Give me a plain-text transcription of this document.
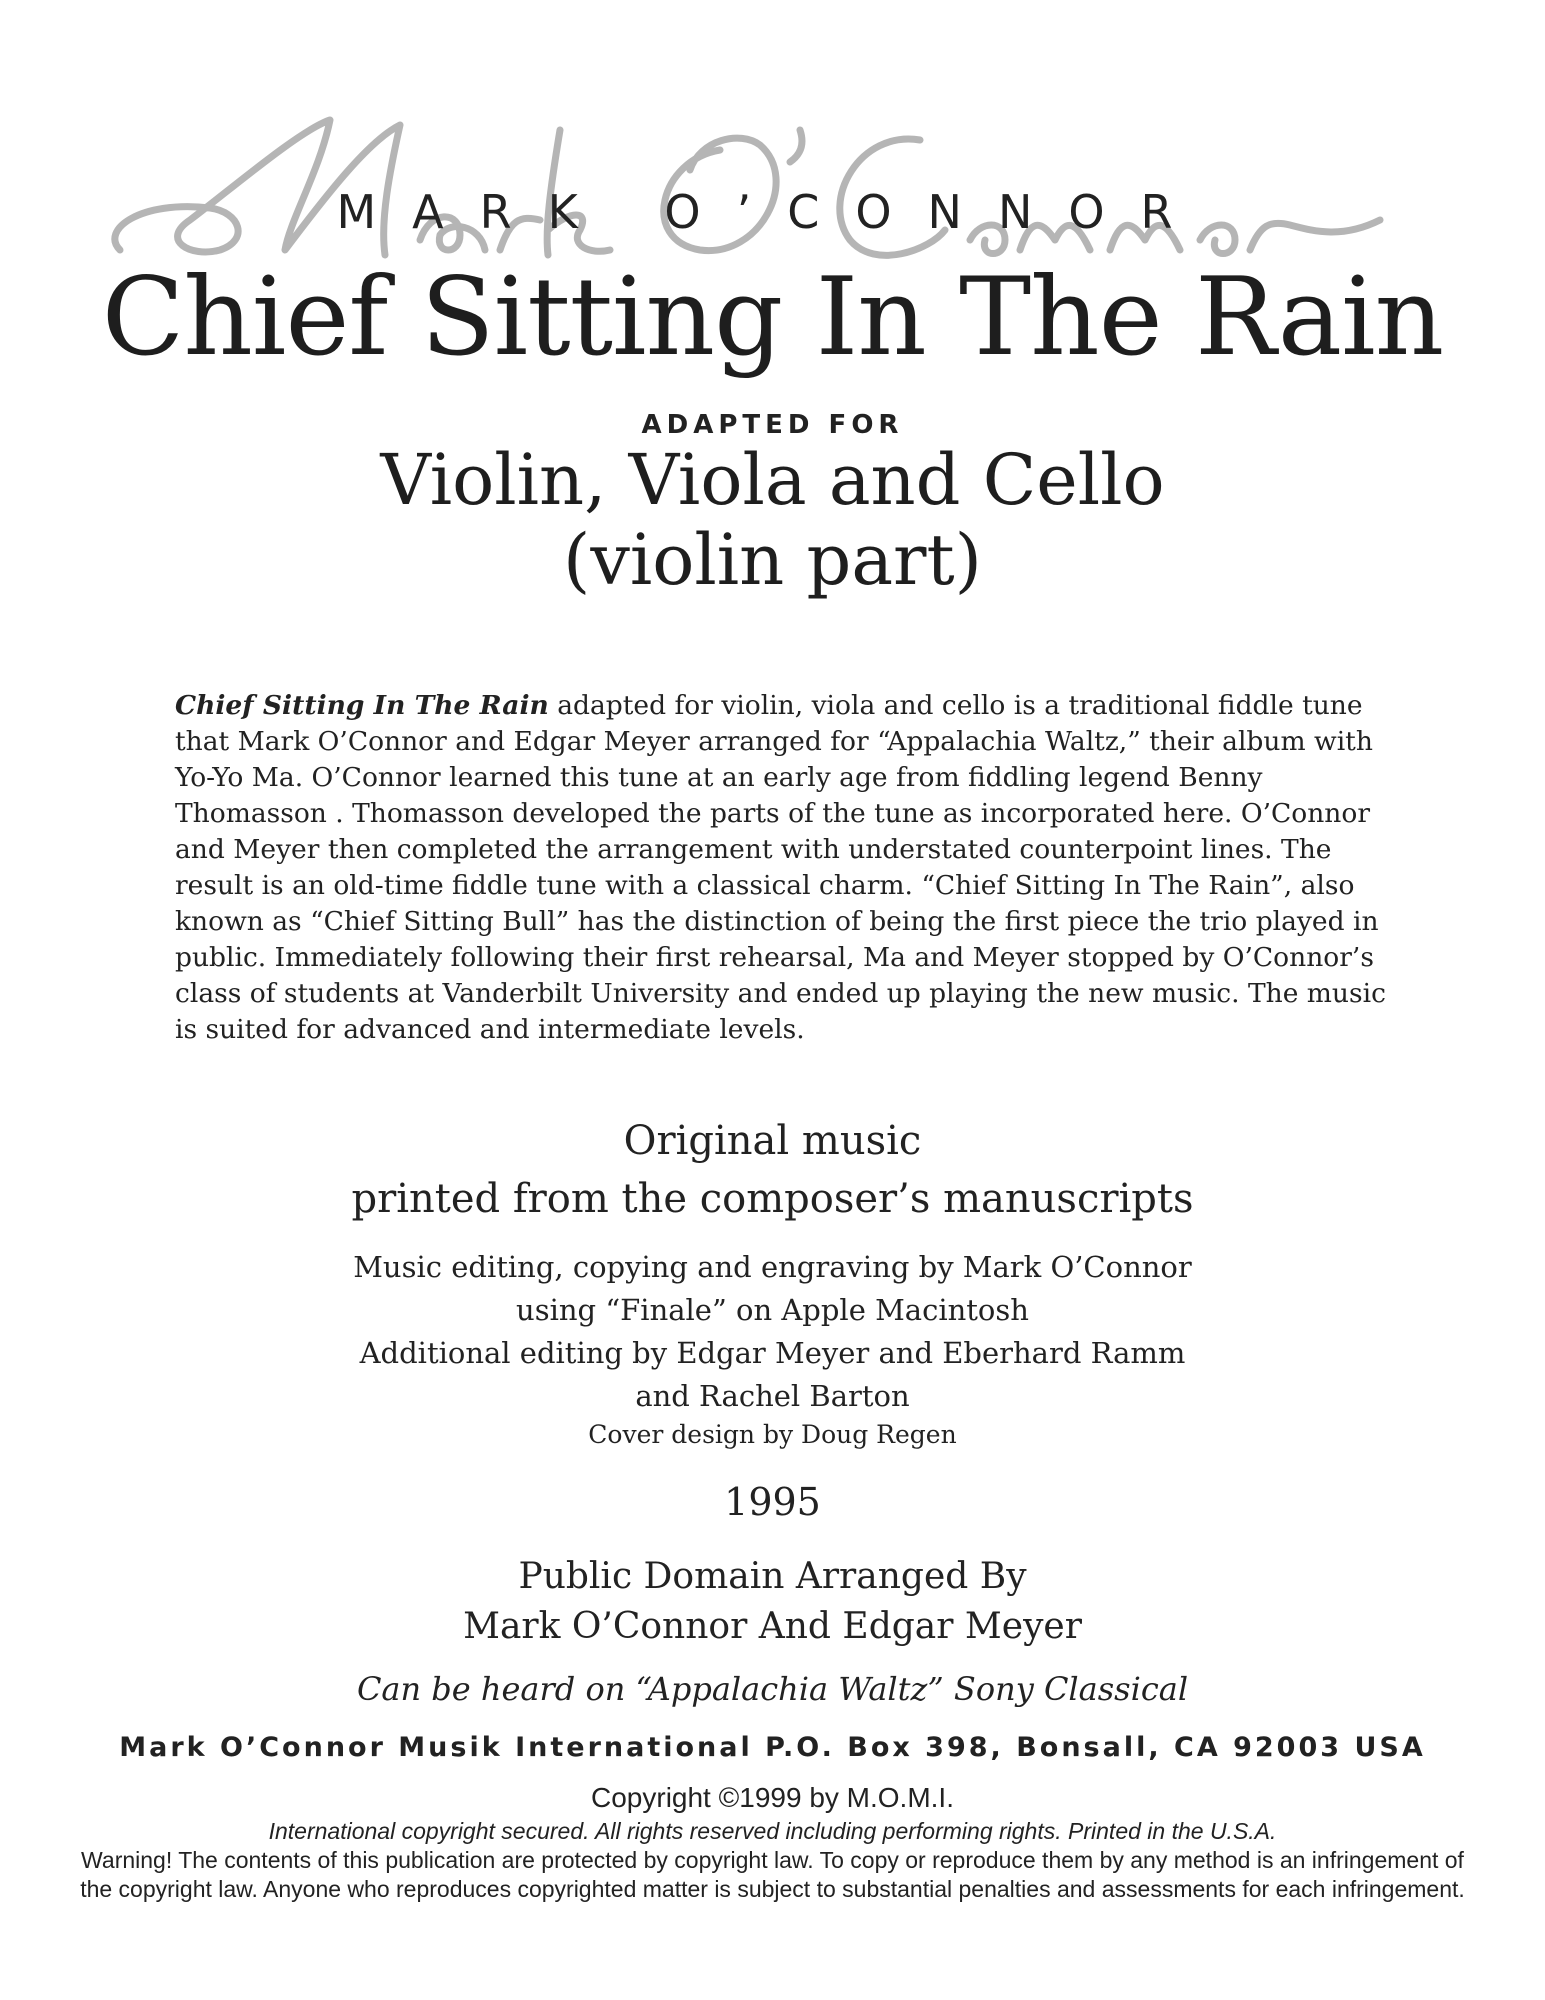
MARK O’CONNOR
Chief Sitting In The Rain
ADAPTED FOR
Violin, Viola and Cello
(violin part)
Chief Sitting In The Rain adapted for violin, viola and cello is a traditional fiddle tune that Mark O’Connor and Edgar Meyer arranged for “Appalachia Waltz,” their album with Yo-Yo Ma. O’Connor learned this tune at an early age from fiddling legend Benny Thomasson . Thomasson developed the parts of the tune as incorporated here. O’Connor and Meyer then completed the arrangement with understated counterpoint lines. The result is an old-time fiddle tune with a classical charm. “Chief Sitting In The Rain”, also known as “Chief Sitting Bull” has the distinction of being the first piece the trio played in public. Immediately following their first rehearsal, Ma and Meyer stopped by O’Connor’s class of students at Vanderbilt University and ended up playing the new music. The music is suited for advanced and intermediate levels.
Original music
printed from the composer’s manuscripts
Music editing, copying and engraving by Mark O’Connor
using “Finale” on Apple Macintosh
Additional editing by Edgar Meyer and Eberhard Ramm
and Rachel Barton
Cover design by Doug Regen
1995
Public Domain Arranged By
Mark O’Connor And Edgar Meyer
Can be heard on “Appalachia Waltz” Sony Classical
Mark O’Connor Musik International P.O. Box 398, Bonsall, CA 92003 USA
Copyright ©1999 by M.O.M.I.
International copyright secured. All rights reserved including performing rights. Printed in the U.S.A.
Warning! The contents of this publication are protected by copyright law. To copy or reproduce them by any method is an infringement of the copyright law. Anyone who reproduces copyrighted matter is subject to substantial penalties and assessments for each infringement.
